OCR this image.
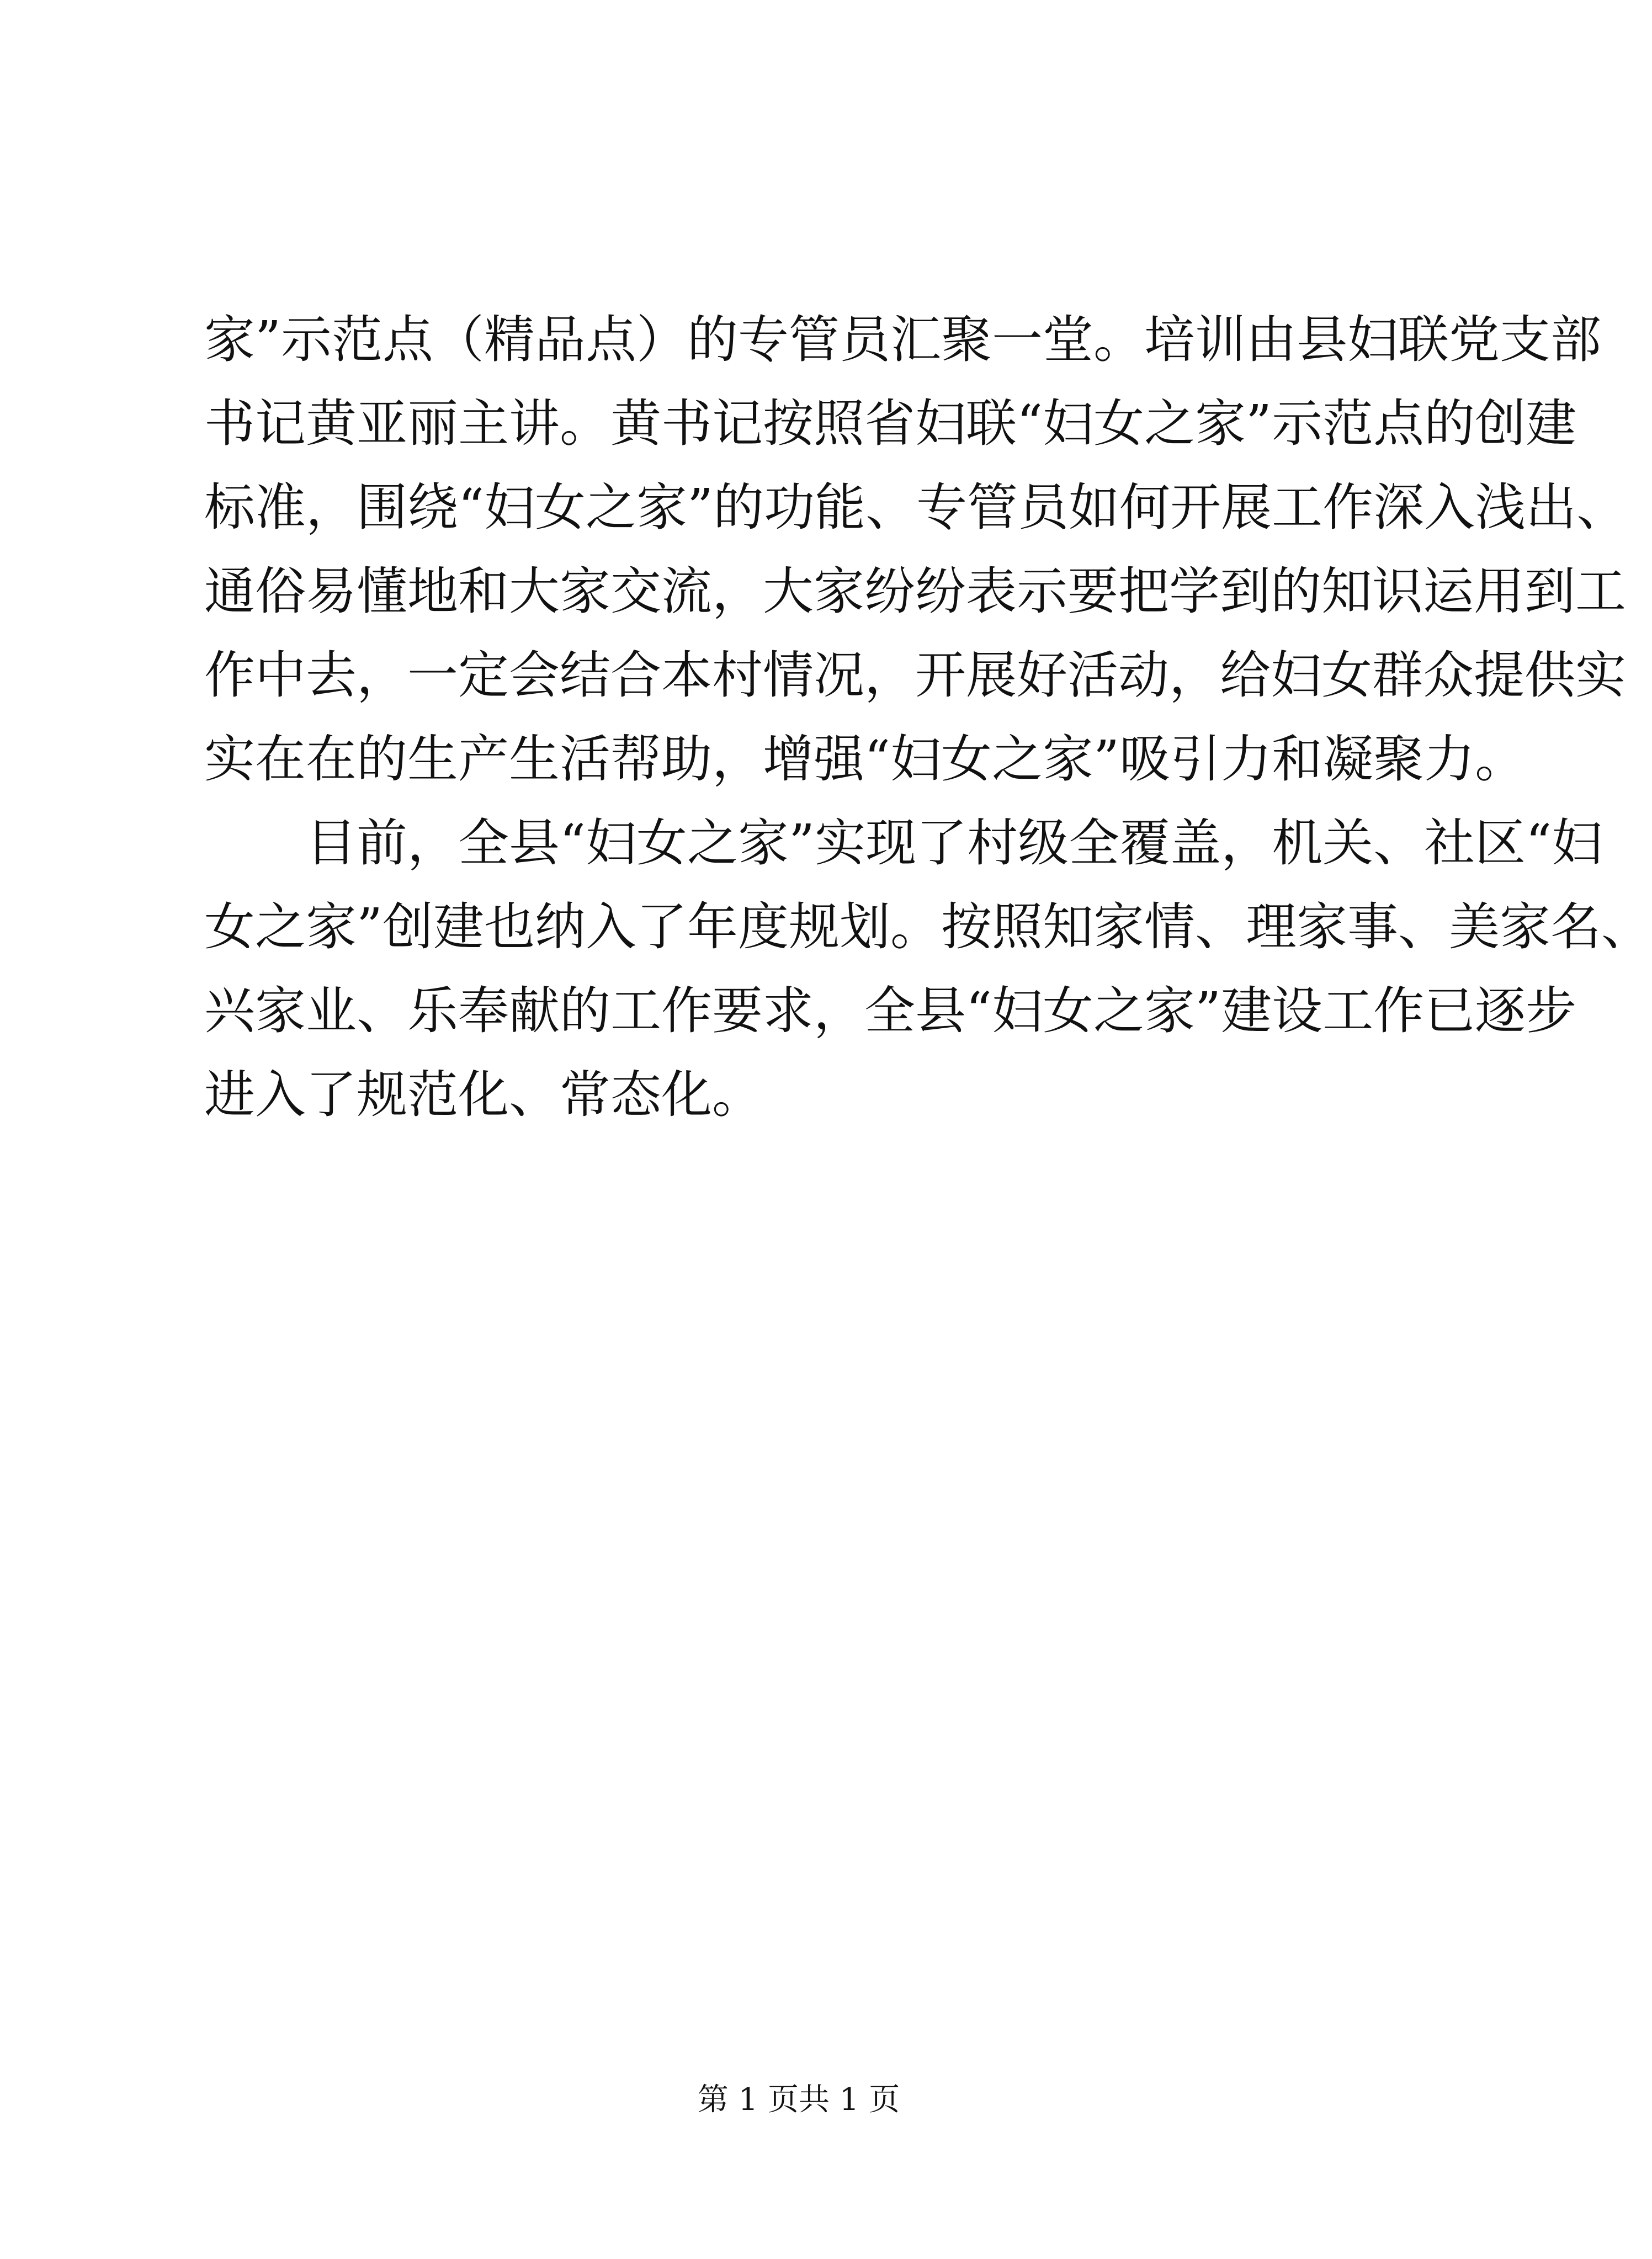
家”示范点（精品点）的专管员汇聚一堂。培训由县妇联党支部
书记黄亚丽主讲。黄书记按照省妇联“妇女之家”示范点的创建
标准，围绕“妇女之家”的功能、专管员如何开展工作深入浅出、
通俗易懂地和大家交流，大家纷纷表示要把学到的知识运用到工
作中去，一定会结合本村情况，开展好活动，给妇女群众提供实
实在在的生产生活帮助，增强“妇女之家”吸引力和凝聚力。
目前，全县“妇女之家”实现了村级全覆盖，机关、社区“妇
女之家”创建也纳入了年度规划。按照知家情、理家事、美家名、
兴家业、乐奉献的工作要求，全县“妇女之家”建设工作已逐步
进入了规范化、常态化。
第 1 页共 1 页
